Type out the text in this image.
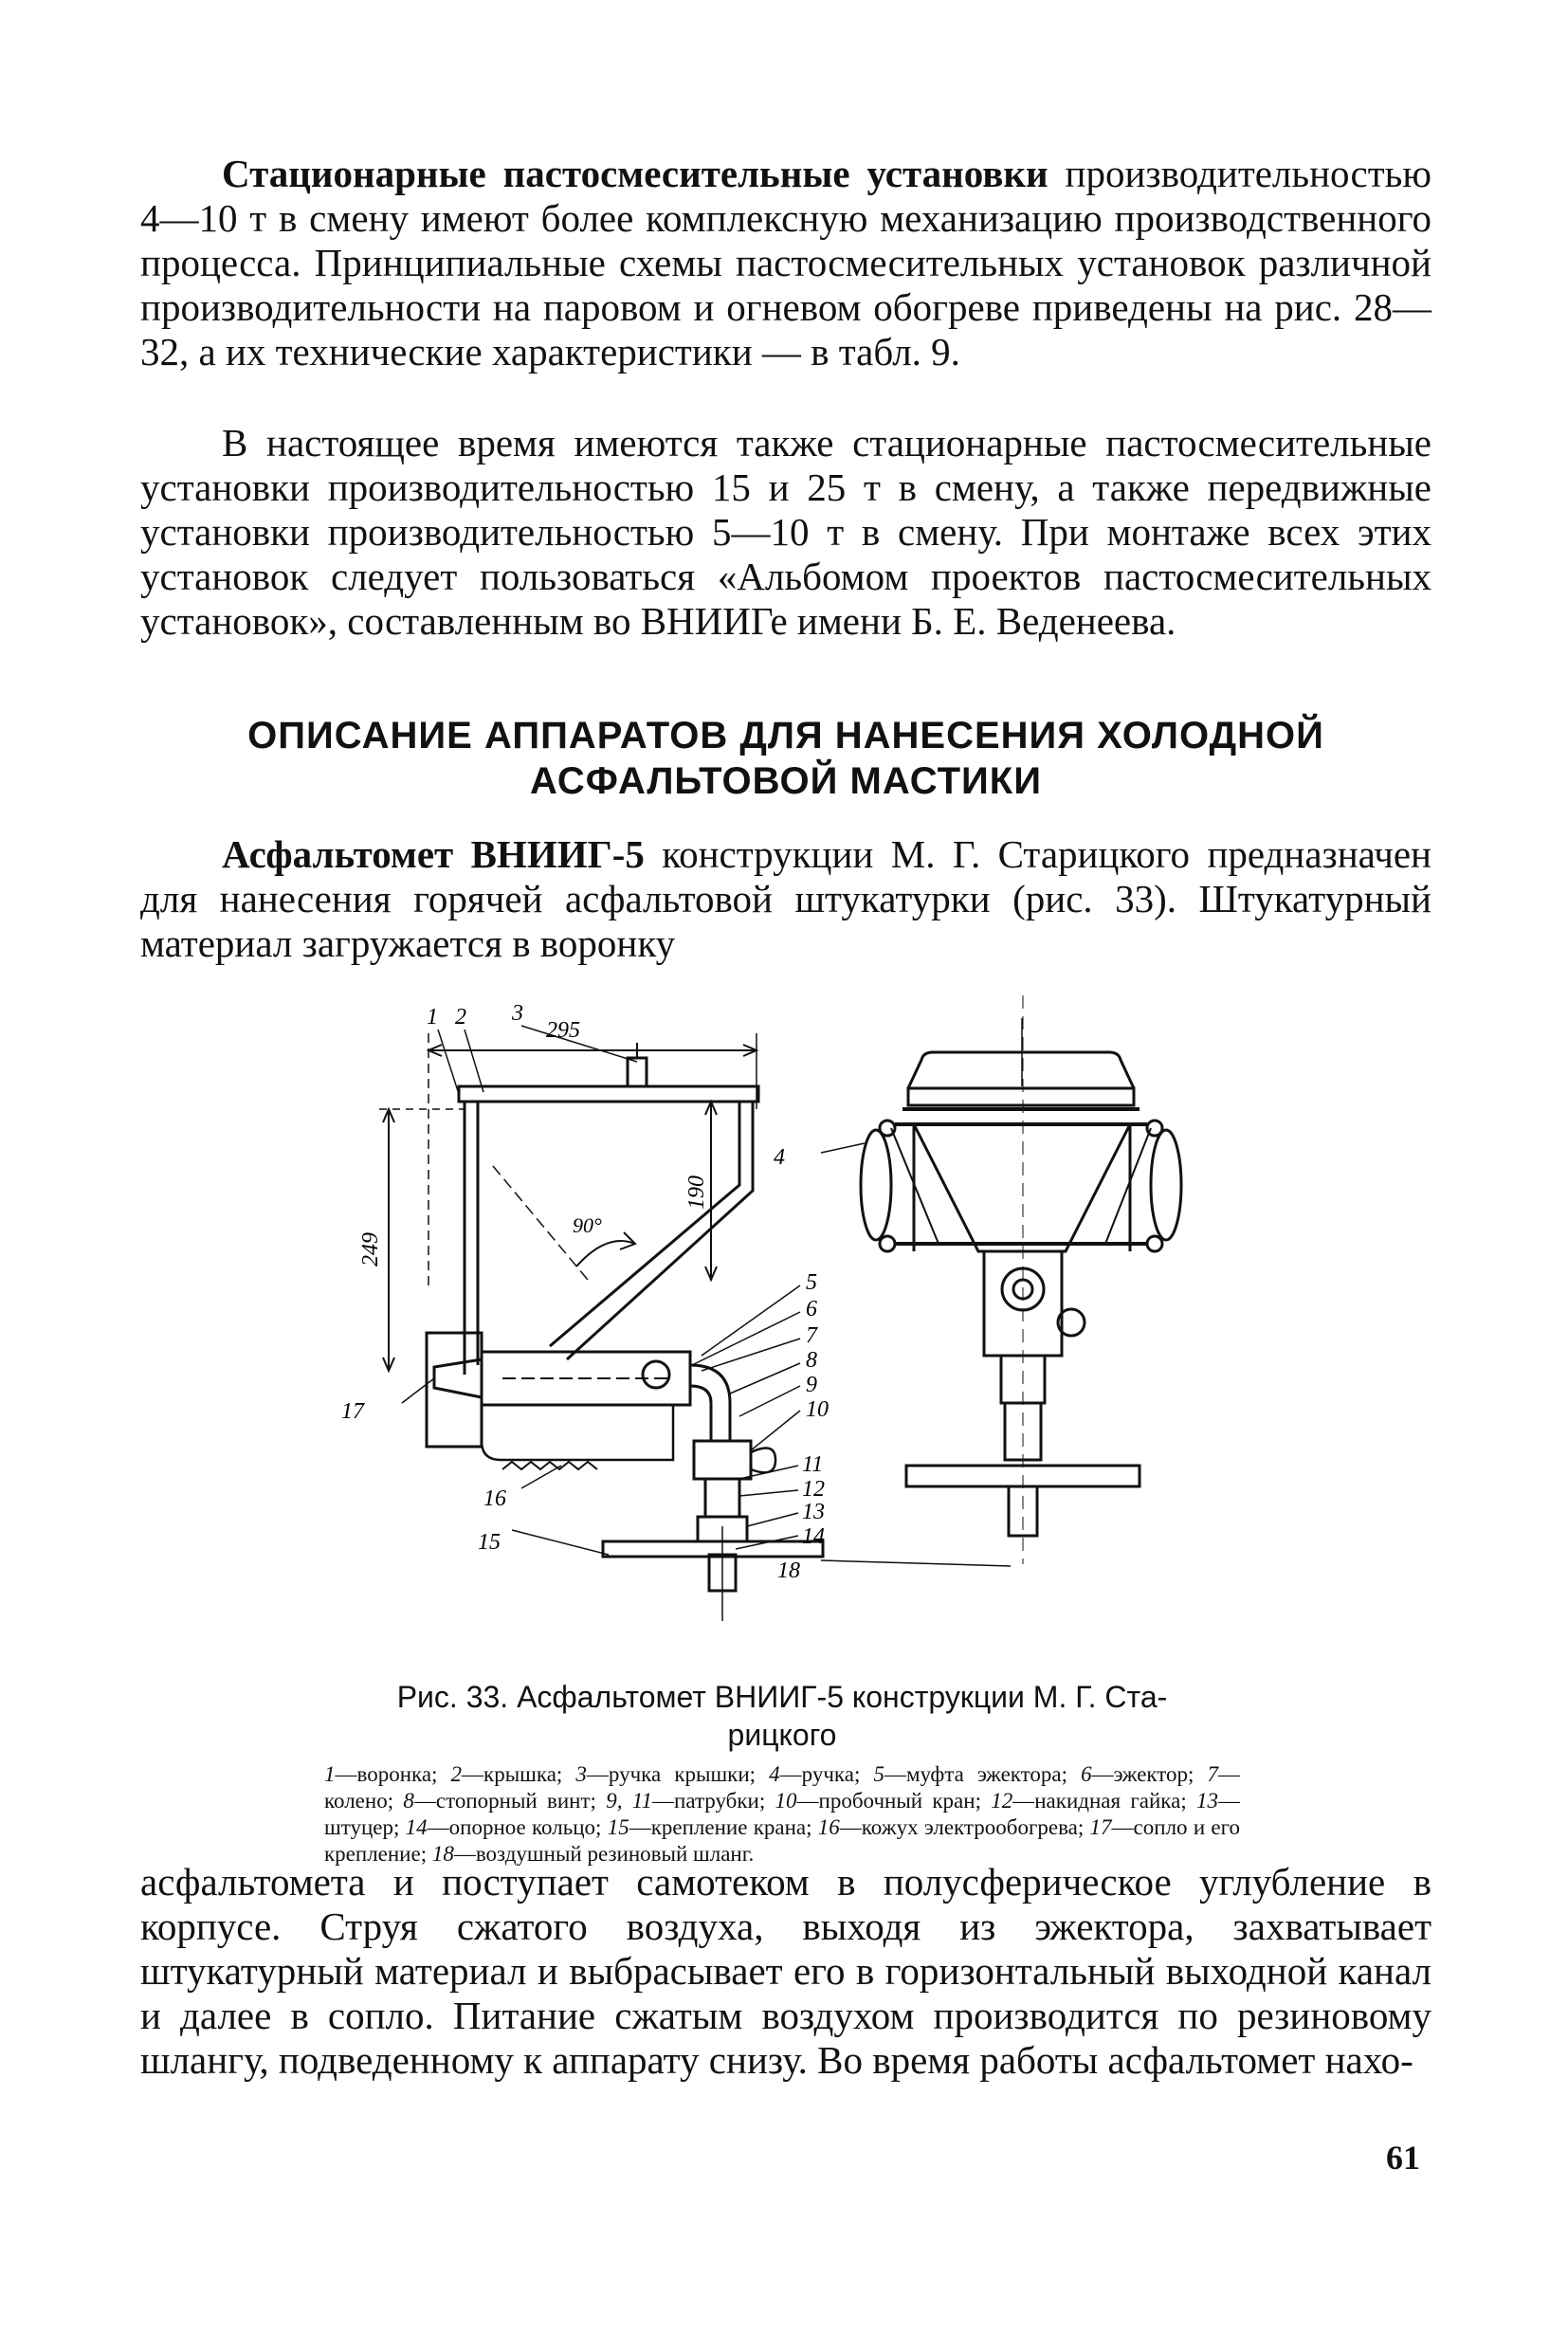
Стационарные пастосмесительные установки производительностью 4—10 т в смену имеют более комплексную механизацию производственного процесса. Принципиальные схемы пастосмесительных установок различной производительности на паровом и огневом обогреве приведены на рис. 28—32, а их технические характеристики — в табл. 9.

В настоящее время имеются также стационарные пастосмесительные установки производительностью 15 и 25 т в смену, а также передвижные установки производительностью 5—10 т в смену. При монтаже всех этих установок следует пользоваться «Альбомом проектов пастосмесительных установок», составленным во ВНИИГе имени Б. Е. Веденеева.

ОПИСАНИЕ АППАРАТОВ ДЛЯ НАНЕСЕНИЯ ХОЛОДНОЙ
АСФАЛЬТОВОЙ МАСТИКИ

Асфальтомет ВНИИГ-5 конструкции М. Г. Старицкого предназначен для нанесения горячей асфальтовой штукатурки (рис. 33). Штукатурный материал загружается в воронку

1 2 3
295
90°
249
190
4
5
6
7
8
9
10
11
12
13
14
15
16
17
18
Рис. 33. Асфальтомет ВНИИГ-5 конструкции М. Г. Ста-
рицкого
1—воронка; 2—крышка; 3—ручка крышки; 4—ручка; 5—муфта эжектора; 6—эжектор; 7—колено; 8—стопорный винт; 9, 11—патрубки; 10—пробочный кран; 12—накидная гайка; 13—штуцер; 14—опорное кольцо; 15—крепление крана; 16—кожух электрообогрева; 17—сопло и его крепление; 18—воздушный резиновый шланг.

асфальтомета и поступает самотеком в полусферическое углубление в корпусе. Струя сжатого воздуха, выходя из эжектора, захватывает штукатурный материал и выбрасывает его в горизонтальный выходной канал и далее в сопло. Питание сжатым воздухом производится по резиновому шлангу, подведенному к аппарату снизу. Во время работы асфальтомет нахо-

61
